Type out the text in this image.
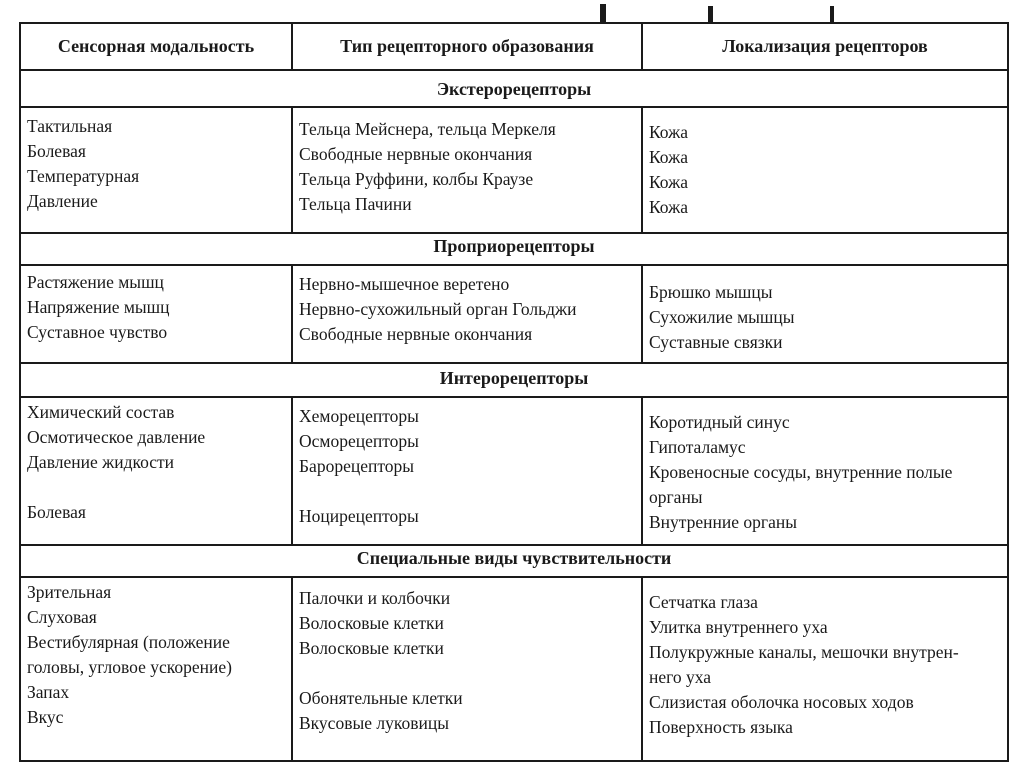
Сенсорная модальность	Тип рецепторного образования	Локализация рецепторов
Экстерорецепторы
Тактильная
Болевая
Температурная
Давление
Тельца Мейснера, тельца Меркеля
Свободные нервные окончания
Тельца Руффини, колбы Краузе
Тельца Пачини
Кожа
Кожа
Кожа
Кожа
Проприорецепторы
Растяжение мышц
Напряжение мышц
Суставное чувство
Нервно-мышечное веретено
Нервно-сухожильный орган Гольджи
Свободные нервные окончания
Брюшко мышцы
Сухожилие мышцы
Суставные связки
Интерорецепторы
Химический состав
Осмотическое давление
Давление жидкости
Болевая
Хеморецепторы
Осморецепторы
Барорецепторы
Ноцирецепторы
Коротидный синус
Гипоталамус
Кровеносные сосуды, внутренние полые
органы
Внутренние органы
Специальные виды чувствительности
Зрительная
Слуховая
Вестибулярная (положение
головы, угловое ускорение)
Запах
Вкус
Палочки и колбочки
Волосковые клетки
Волосковые клетки
Обонятельные клетки
Вкусовые луковицы
Сетчатка глаза
Улитка внутреннего уха
Полукружные каналы, мешочки внутрен-
него уха
Слизистая оболочка носовых ходов
Поверхность языка
